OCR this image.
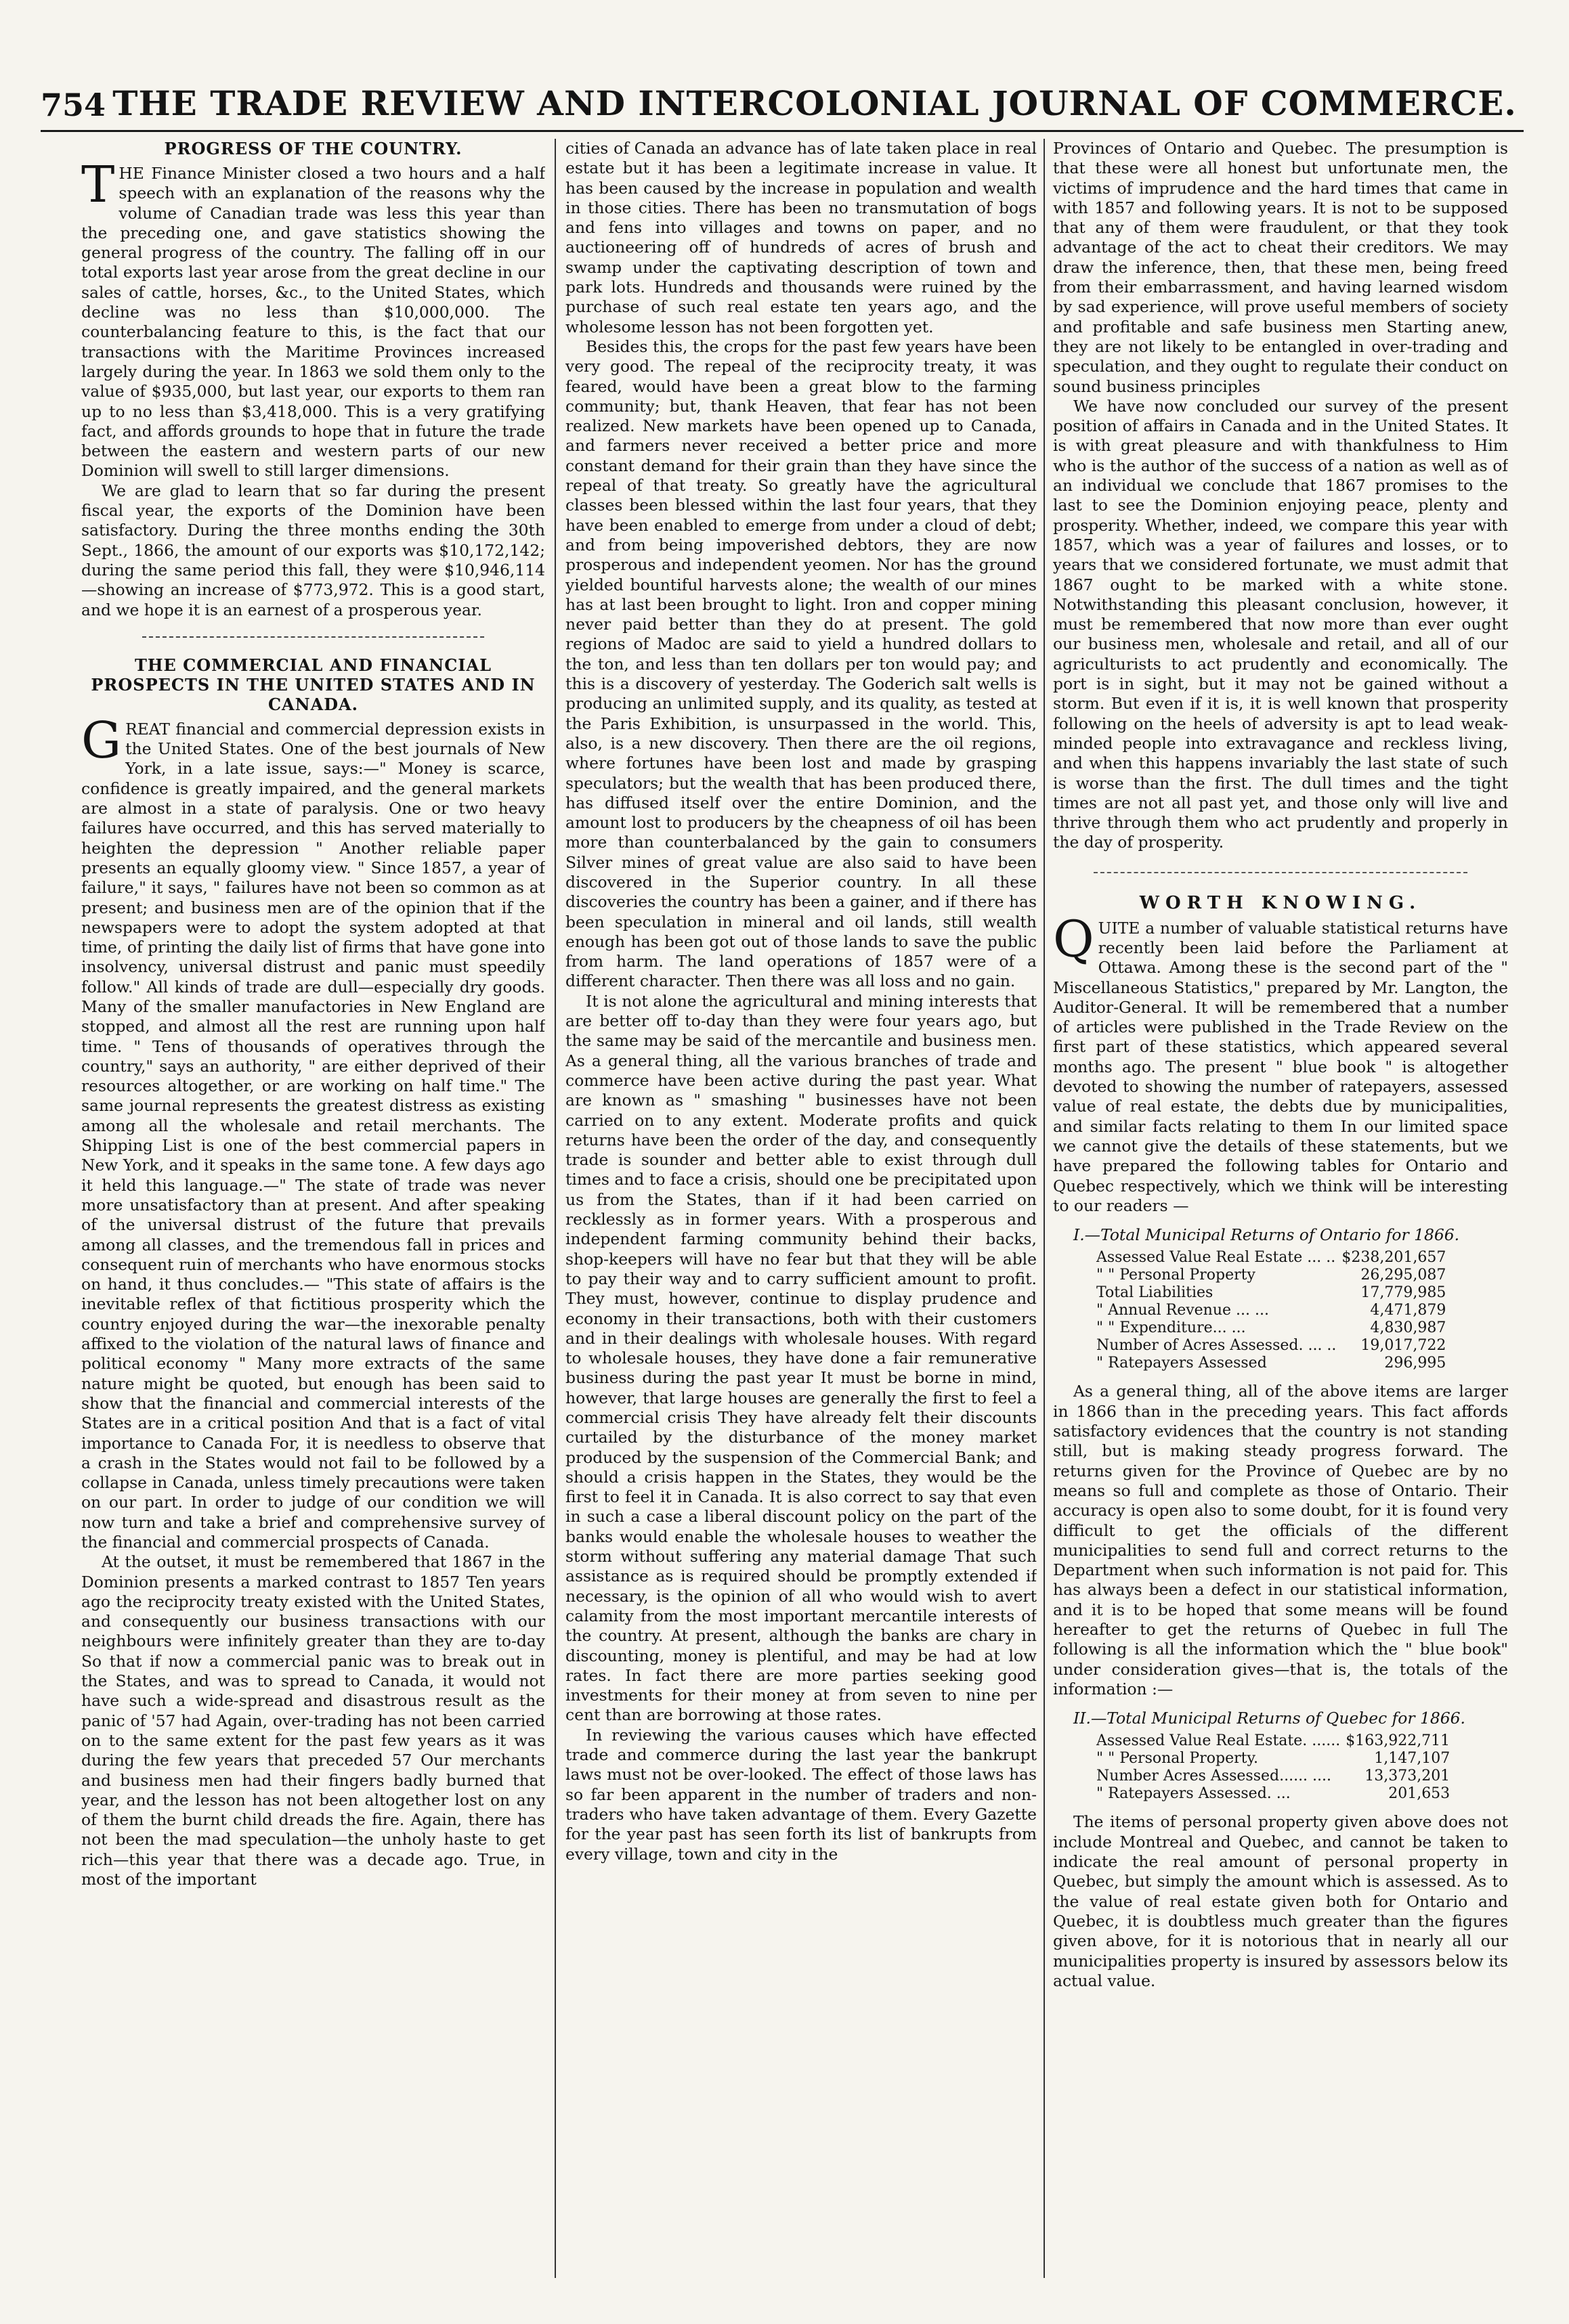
754 THE TRADE REVIEW AND INTERCOLONIAL JOURNAL OF COMMERCE.
PROGRESS OF THE COUNTRY.

THE Finance Minister closed a two hours and a half speech with an explanation of the reasons why the volume of Canadian trade was less this year than the preceding one, and gave statistics showing the general progress of the country. The falling off in our total exports last year arose from the great decline in our sales of cattle, horses, &c., to the United States, which decline was no less than $10,000,000. The counterbalancing feature to this, is the fact that our transactions with the Maritime Provinces increased largely during the year. In 1863 we sold them only to the value of $935,000, but last year, our exports to them ran up to no less than $3,418,000. This is a very gratifying fact, and affords grounds to hope that in future the trade between the eastern and western parts of our new Dominion will swell to still larger dimensions.

We are glad to learn that so far during the present fiscal year, the exports of the Dominion have been satisfactory. During the three months ending the 30th Sept., 1866, the amount of our exports was $10,172,142; during the same period this fall, they were $10,946,114 —showing an increase of $773,972. This is a good start, and we hope it is an earnest of a prosperous year.

THE COMMERCIAL AND FINANCIAL PROSPECTS IN THE UNITED STATES AND IN CANADA.

GREAT financial and commercial depression exists in the United States. One of the best journals of New York, in a late issue, says:—" Money is scarce, confidence is greatly impaired, and the general markets are almost in a state of paralysis. One or two heavy failures have occurred, and this has served materially to heighten the depression " Another reliable paper presents an equally gloomy view. " Since 1857, a year of failure," it says, " failures have not been so common as at present; and business men are of the opinion that if the newspapers were to adopt the system adopted at that time, of printing the daily list of firms that have gone into insolvency, universal distrust and panic must speedily follow." All kinds of trade are dull—especially dry goods. Many of the smaller manufactories in New England are stopped, and almost all the rest are running upon half time. " Tens of thousands of operatives through the country," says an authority, " are either deprived of their resources altogether, or are working on half time." The same journal represents the greatest distress as existing among all the wholesale and retail merchants. The Shipping List is one of the best commercial papers in New York, and it speaks in the same tone. A few days ago it held this language.—" The state of trade was never more unsatisfactory than at present. And after speaking of the universal distrust of the future that prevails among all classes, and the tremendous fall in prices and consequent ruin of merchants who have enormous stocks on hand, it thus concludes.— "This state of affairs is the inevitable reflex of that fictitious prosperity which the country enjoyed during the war—the inexorable penalty affixed to the violation of the natural laws of finance and political economy " Many more extracts of the same nature might be quoted, but enough has been said to show that the financial and commercial interests of the States are in a critical position And that is a fact of vital importance to Canada For, it is needless to observe that a crash in the States would not fail to be followed by a collapse in Canada, unless timely precautions were taken on our part. In order to judge of our condition we will now turn and take a brief and comprehensive survey of the financial and commercial prospects of Canada.

At the outset, it must be remembered that 1867 in the Dominion presents a marked contrast to 1857 Ten years ago the reciprocity treaty existed with the United States, and consequently our business transactions with our neighbours were infinitely greater than they are to-day So that if now a commercial panic was to break out in the States, and was to spread to Canada, it would not have such a wide-spread and disastrous result as the panic of '57 had Again, over-trading has not been carried on to the same extent for the past few years as it was during the few years that preceded 57 Our merchants and business men had their fingers badly burned that year, and the lesson has not been altogether lost on any of them the burnt child dreads the fire. Again, there has not been the mad speculation—the unholy haste to get rich—this year that there was a decade ago. True, in most of the important

cities of Canada an advance has of late taken place in real estate but it has been a legitimate increase in value. It has been caused by the increase in population and wealth in those cities. There has been no transmutation of bogs and fens into villages and towns on paper, and no auctioneering off of hundreds of acres of brush and swamp under the captivating description of town and park lots. Hundreds and thousands were ruined by the purchase of such real estate ten years ago, and the wholesome lesson has not been forgotten yet.

Besides this, the crops for the past few years have been very good. The repeal of the reciprocity treaty, it was feared, would have been a great blow to the farming community; but, thank Heaven, that fear has not been realized. New markets have been opened up to Canada, and farmers never received a better price and more constant demand for their grain than they have since the repeal of that treaty. So greatly have the agricultural classes been blessed within the last four years, that they have been enabled to emerge from under a cloud of debt; and from being impoverished debtors, they are now prosperous and independent yeomen. Nor has the ground yielded bountiful harvests alone; the wealth of our mines has at last been brought to light. Iron and copper mining never paid better than they do at present. The gold regions of Madoc are said to yield a hundred dollars to the ton, and less than ten dollars per ton would pay; and this is a discovery of yesterday. The Goderich salt wells is producing an unlimited supply, and its quality, as tested at the Paris Exhibition, is unsurpassed in the world. This, also, is a new discovery. Then there are the oil regions, where fortunes have been lost and made by grasping speculators; but the wealth that has been produced there, has diffused itself over the entire Dominion, and the amount lost to producers by the cheapness of oil has been more than counterbalanced by the gain to consumers Silver mines of great value are also said to have been discovered in the Superior country. In all these discoveries the country has been a gainer, and if there has been speculation in mineral and oil lands, still wealth enough has been got out of those lands to save the public from harm. The land operations of 1857 were of a different character. Then there was all loss and no gain.

It is not alone the agricultural and mining interests that are better off to-day than they were four years ago, but the same may be said of the mercantile and business men. As a general thing, all the various branches of trade and commerce have been active during the past year. What are known as " smashing " businesses have not been carried on to any extent. Moderate profits and quick returns have been the order of the day, and consequently trade is sounder and better able to exist through dull times and to face a crisis, should one be precipitated upon us from the States, than if it had been carried on recklessly as in former years. With a prosperous and independent farming community behind their backs, shop-keepers will have no fear but that they will be able to pay their way and to carry sufficient amount to profit. They must, however, continue to display prudence and economy in their transactions, both with their customers and in their dealings with wholesale houses. With regard to wholesale houses, they have done a fair remunerative business during the past year It must be borne in mind, however, that large houses are generally the first to feel a commercial crisis They have already felt their discounts curtailed by the disturbance of the money market produced by the suspension of the Commercial Bank; and should a crisis happen in the States, they would be the first to feel it in Canada. It is also correct to say that even in such a case a liberal discount policy on the part of the banks would enable the wholesale houses to weather the storm without suffering any material damage That such assistance as is required should be promptly extended if necessary, is the opinion of all who would wish to avert calamity from the most important mercantile interests of the country. At present, although the banks are chary in discounting, money is plentiful, and may be had at low rates. In fact there are more parties seeking good investments for their money at from seven to nine per cent than are borrowing at those rates.

In reviewing the various causes which have effected trade and commerce during the last year the bankrupt laws must not be over-looked. The effect of those laws has so far been apparent in the number of traders and non-traders who have taken advantage of them. Every Gazette for the year past has seen forth its list of bankrupts from every village, town and city in the

Provinces of Ontario and Quebec. The presumption is that these were all honest but unfortunate men, the victims of imprudence and the hard times that came in with 1857 and following years. It is not to be supposed that any of them were fraudulent, or that they took advantage of the act to cheat their creditors. We may draw the inference, then, that these men, being freed from their embarrassment, and having learned wisdom by sad experience, will prove useful members of society and profitable and safe business men Starting anew, they are not likely to be entangled in over-trading and speculation, and they ought to regulate their conduct on sound business principles

We have now concluded our survey of the present position of affairs in Canada and in the United States. It is with great pleasure and with thankfulness to Him who is the author of the success of a nation as well as of an individual we conclude that 1867 promises to the last to see the Dominion enjoying peace, plenty and prosperity. Whether, indeed, we compare this year with 1857, which was a year of failures and losses, or to years that we considered fortunate, we must admit that 1867 ought to be marked with a white stone. Notwithstanding this pleasant conclusion, however, it must be remembered that now more than ever ought our business men, wholesale and retail, and all of our agriculturists to act prudently and economically. The port is in sight, but it may not be gained without a storm. But even if it is, it is well known that prosperity following on the heels of adversity is apt to lead weak-minded people into extravagance and reckless living, and when this happens invariably the last state of such is worse than the first. The dull times and the tight times are not all past yet, and those only will live and thrive through them who act prudently and properly in the day of prosperity.

WORTH KNOWING.

QUITE a number of valuable statistical returns have recently been laid before the Parliament at Ottawa. Among these is the second part of the " Miscellaneous Statistics," prepared by Mr. Langton, the Auditor-General. It will be remembered that a number of articles were published in the Trade Review on the first part of these statistics, which appeared several months ago. The present " blue book " is altogether devoted to showing the number of ratepayers, assessed value of real estate, the debts due by municipalities, and similar facts relating to them In our limited space we cannot give the details of these statements, but we have prepared the following tables for Ontario and Quebec respectively, which we think will be interesting to our readers —

I.—Total Municipal Returns of Ontario for 1866.
Assessed Value Real Estate ... ..	$238,201,657
" " Personal Property	26,295,087
Total Liabilities	17,779,985
" Annual Revenue ... ...	4,471,879
" " Expenditure... ...	4,830,987
Number of Acres Assessed. ... ..	19,017,722
" Ratepayers Assessed	296,995

As a general thing, all of the above items are larger in 1866 than in the preceding years. This fact affords satisfactory evidences that the country is not standing still, but is making steady progress forward. The returns given for the Province of Quebec are by no means so full and complete as those of Ontario. Their accuracy is open also to some doubt, for it is found very difficult to get the officials of the different municipalities to send full and correct returns to the Department when such information is not paid for. This has always been a defect in our statistical information, and it is to be hoped that some means will be found hereafter to get the returns of Quebec in full The following is all the information which the " blue book" under consideration gives—that is, the totals of the information :—

II.—Total Municipal Returns of Quebec for 1866.
Assessed Value Real Estate. ......	$163,922,711
" " Personal Property.	1,147,107
Number Acres Assessed...... ....	13,373,201
" Ratepayers Assessed. ...	201,653

The items of personal property given above does not include Montreal and Quebec, and cannot be taken to indicate the real amount of personal property in Quebec, but simply the amount which is assessed. As to the value of real estate given both for Ontario and Quebec, it is doubtless much greater than the figures given above, for it is notorious that in nearly all our municipalities property is insured by assessors below its actual value.
